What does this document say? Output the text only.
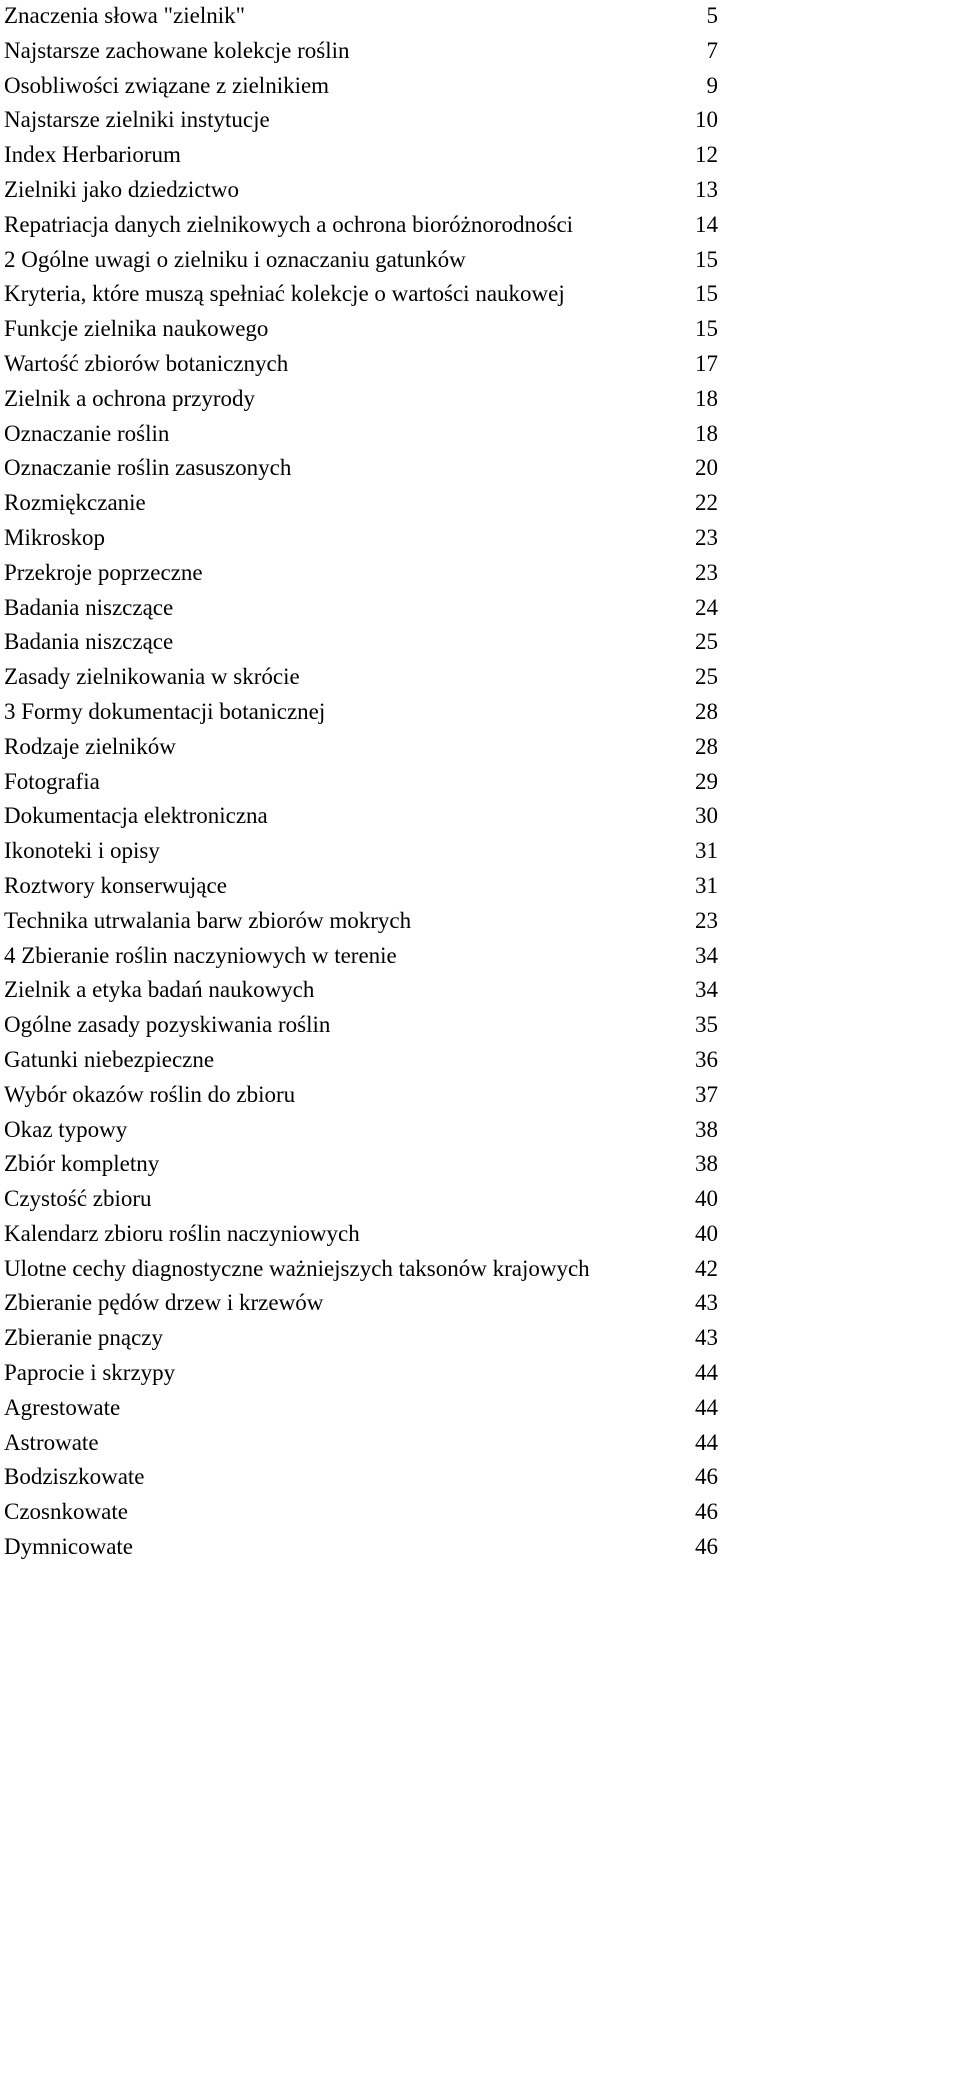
Znaczenia słowa "zielnik"	5
Najstarsze zachowane kolekcje roślin	7
Osobliwości związane z zielnikiem	9
Najstarsze zielniki instytucje	10
Index Herbariorum	12
Zielniki jako dziedzictwo	13
Repatriacja danych zielnikowych a ochrona bioróżnorodności	14
2 Ogólne uwagi o zielniku i oznaczaniu gatunków	15
Kryteria, które muszą spełniać kolekcje o wartości naukowej	15
Funkcje zielnika naukowego	15
Wartość zbiorów botanicznych	17
Zielnik a ochrona przyrody	18
Oznaczanie roślin	18
Oznaczanie roślin zasuszonych	20
Rozmiękczanie	22
Mikroskop	23
Przekroje poprzeczne	23
Badania niszczące	24
Badania niszczące	25
Zasady zielnikowania w skrócie	25
3 Formy dokumentacji botanicznej	28
Rodzaje zielników	28
Fotografia	29
Dokumentacja elektroniczna	30
Ikonoteki i opisy	31
Roztwory konserwujące	31
Technika utrwalania barw zbiorów mokrych	23
4 Zbieranie roślin naczyniowych w terenie	34
Zielnik a etyka badań naukowych	34
Ogólne zasady pozyskiwania roślin	35
Gatunki niebezpieczne	36
Wybór okazów roślin do zbioru	37
Okaz typowy	38
Zbiór kompletny	38
Czystość zbioru	40
Kalendarz zbioru roślin naczyniowych	40
Ulotne cechy diagnostyczne ważniejszych taksonów krajowych	42
Zbieranie pędów drzew i krzewów	43
Zbieranie pnączy	43
Paprocie i skrzypy	44
Agrestowate	44
Astrowate	44
Bodziszkowate	46
Czosnkowate	46
Dymnicowate	46
